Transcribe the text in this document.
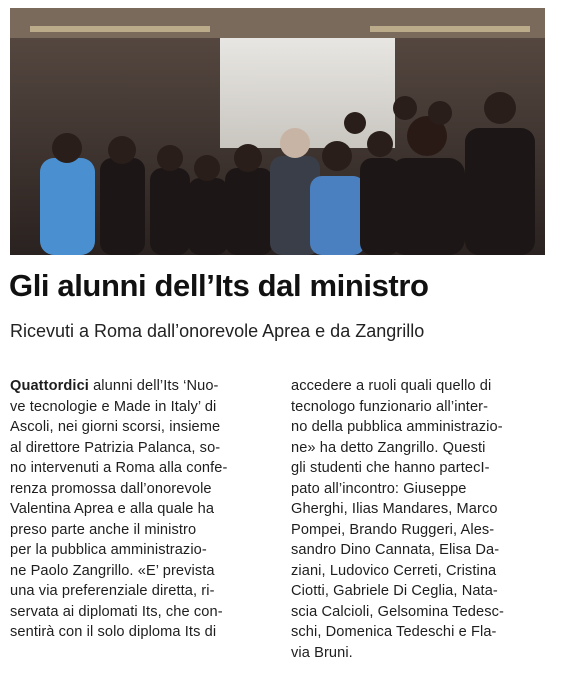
Gli alunni dell’Its dal ministro

Ricevuti a Roma dall’onorevole Aprea e da Zangrillo

Quattordici alunni dell’Its ‘Nuo-
ve tecnologie e Made in Italy’ di
Ascoli, nei giorni scorsi, insieme
al direttore Patrizia Palanca, so-
no intervenuti a Roma alla confe-
renza promossa dall’onorevole
Valentina Aprea e alla quale ha
preso parte anche il ministro
per la pubblica amministrazio-
ne Paolo Zangrillo. «E’ prevista
una via preferenziale diretta, ri-
servata ai diplomati Its, che con-
sentirà con il solo diploma Its di
accedere a ruoli quali quello di
tecnologo funzionario all’inter-
no della pubblica amministrazio-
ne» ha detto Zangrillo. Questi
gli studenti che hanno partecI-
pato all’incontro: Giuseppe
Gherghi, Ilias Mandares, Marco
Pompei, Brando Ruggeri, Ales-
sandro Dino Cannata, Elisa Da-
ziani, Ludovico Cerreti, Cristina
Ciotti, Gabriele Di Ceglia, Nata-
scia Calcioli, Gelsomina Tedesc-
schi, Domenica Tedeschi e Fla-
via Bruni.
